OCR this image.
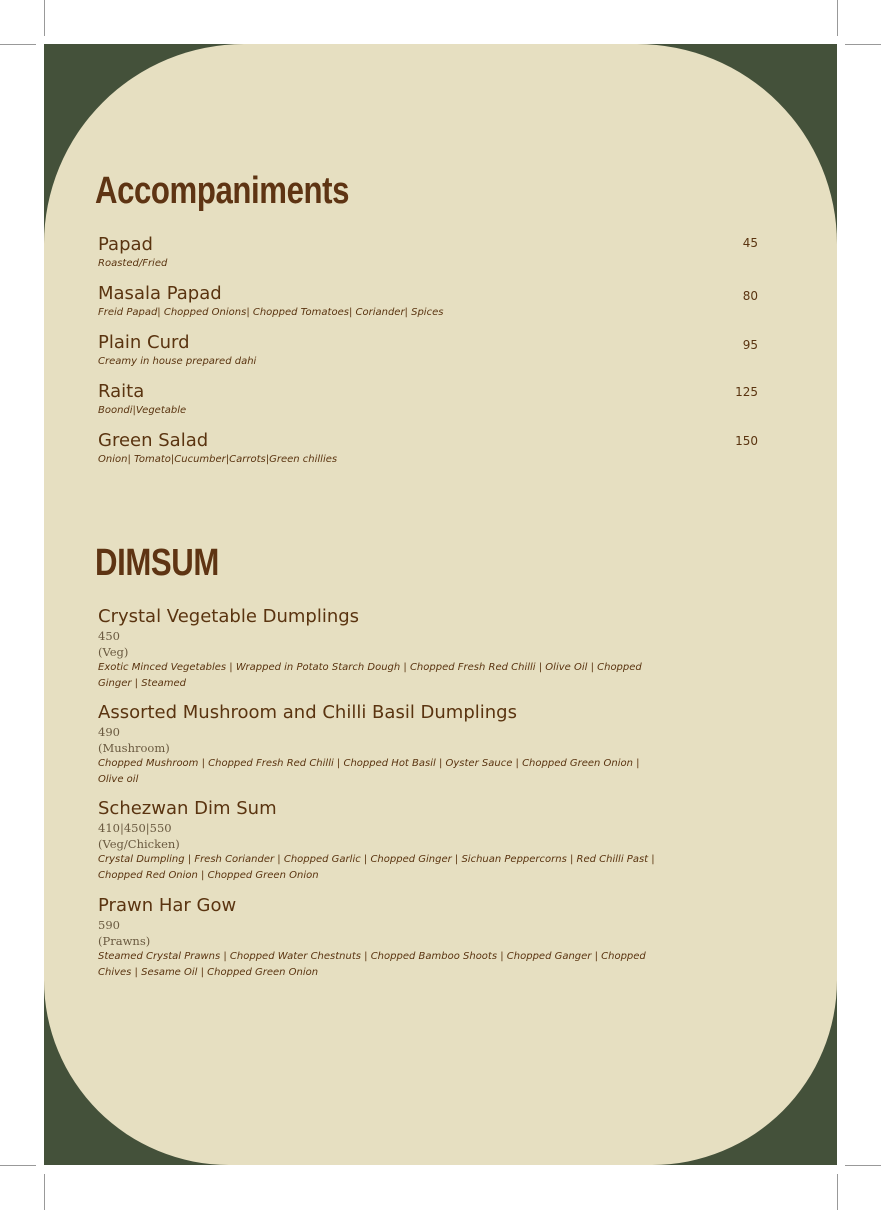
Accompaniments
45
Papad
Roasted/Fried
80
Masala Papad
Freid Papad| Chopped Onions| Chopped Tomatoes| Coriander| Spices
95
Plain Curd
Creamy in house prepared dahi
125
Raita
Boondi|Vegetable
150
Green Salad
Onion| Tomato|Cucumber|Carrots|Green chillies
DIMSUM
Crystal Vegetable Dumplings
450
(Veg)
Exotic Minced Vegetables | Wrapped in Potato Starch Dough | Chopped Fresh Red Chilli | Olive Oil | Chopped Ginger | Steamed
Assorted Mushroom and Chilli Basil Dumplings
490
(Mushroom)
Chopped Mushroom | Chopped Fresh Red Chilli | Chopped Hot Basil | Oyster Sauce | Chopped Green Onion | Olive oil
Schezwan Dim Sum
410|450|550
(Veg/Chicken)
Crystal Dumpling | Fresh Coriander | Chopped Garlic | Chopped Ginger | Sichuan Peppercorns | Red Chilli Past | Chopped Red Onion | Chopped Green Onion
Prawn Har Gow
590
(Prawns)
Steamed Crystal Prawns | Chopped Water Chestnuts | Chopped Bamboo Shoots | Chopped Ganger | Chopped Chives | Sesame Oil | Chopped Green Onion
